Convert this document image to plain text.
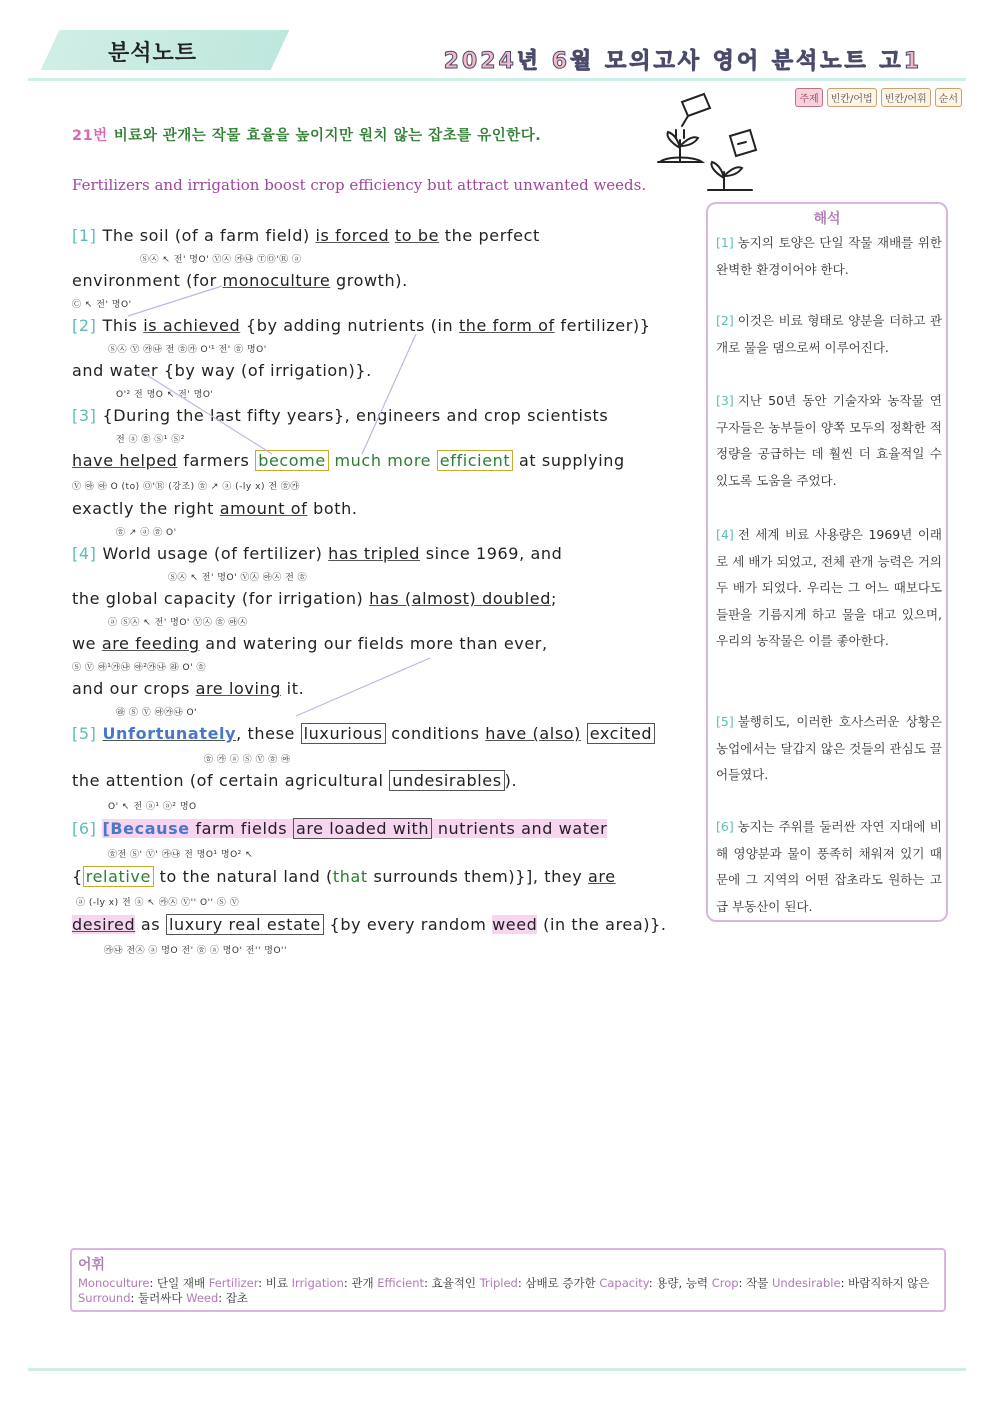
분석노트	2024년 6월 모의고사 영어 분석노트 고1
주제	빈칸/어법	빈칸/어휘	순서
21번 비료와 관개는 작물 효율을 높이지만 원치 않는 잡초를 유인한다.
Fertilizers and irrigation boost crop efficiency but attract unwanted weeds.
[1] The soil (of a farm field) is forced to be the perfect
Ⓢ㉦ ↖ 전' 명O' Ⓥ㉦ ㉮㉯ ⓉⓄ'Ⓡ ⓐ
environment (for monoculture growth).
Ⓒ ↖ 전' 명O'
[2] This is achieved {by adding nutrients (in the form of fertilizer)}
Ⓢ㉦ Ⓥ ㉮㉯ 전 ㉭㉮ O'¹ 전' ㉭ 명O'
and water {by way (of irrigation)}.
O'² 전 명O ↖ 전' 명O'
[3] {During the last fifty years}, engineers and crop scientists
전 ⓐ ㉭ Ⓢ¹ Ⓢ²
have helped farmers become much more efficient at supplying
Ⓥ ㉵ ㉵ O (to) Ⓞ'Ⓡ (강조) ㉭ ↗ ⓐ (-ly x) 전 ㉭㉮
exactly the right amount of both.
㉭ ↗ ⓐ ㉭ O'
[4] World usage (of fertilizer) has tripled since 1969, and
Ⓢ㉦ ↖ 전' 명O' Ⓥ㉦ ㉵㉦ 전 ㉭
the global capacity (for irrigation) has (almost) doubled;
ⓐ Ⓢ㉦ ↖ 전' 명O' Ⓥ㉦ ㉭ ㉵㉦
we are feeding and watering our fields more than ever,
Ⓢ Ⓥ ㉵¹㉮㉯ ㉵²㉮㉯ ㉱ O' ㉭
and our crops are loving it.
㉱ Ⓢ Ⓥ ㉵㉮㉯ O'
[5] Unfortunately, these luxurious conditions have (also) excited
㉭ ㉮ ⓐ Ⓢ Ⓥ ㉭ ㉵
the attention (of certain agricultural undesirables ).
O' ↖ 전 ⓐ¹ ⓐ² 명O
[6] [Because farm fields are loaded with nutrients and water
㉭전 Ⓢ' Ⓥ' ㉮㉯ 전 명O¹ 명O² ↖
{ relative to the natural land (that surrounds them)}], they are
ⓐ (-ly x) 전 ⓐ ↖ ㉸㉦ Ⓥ'' O'' Ⓢ Ⓥ
desired as luxury real estate {by every random weed (in the area)}.
㉮㉯ 전㉦ ⓐ 명O 전' ㉭ ⓐ 명O' 전'' 명O''
해석
[1] 농지의 토양은 단일 작물 재배를 위한 완벽한 환경이어야 한다.
[2] 이것은 비료 형태로 양분을 더하고 관개로 물을 댐으로써 이루어진다.
[3] 지난 50년 동안 기술자와 농작물 연구자들은 농부들이 양쪽 모두의 정확한 적정량을 공급하는 데 훨씬 더 효율적일 수 있도록 도움을 주었다.
[4] 전 세계 비료 사용량은 1969년 이래로 세 배가 되었고, 전체 관개 능력은 거의 두 배가 되었다. 우리는 그 어느 때보다도 들판을 기름지게 하고 물을 대고 있으며, 우리의 농작물은 이를 좋아한다.
[5] 불행히도, 이러한 호사스러운 상황은 농업에서는 달갑지 않은 것들의 관심도 끌어들였다.
[6] 농지는 주위를 둘러싼 자연 지대에 비해 영양분과 물이 풍족히 채워져 있기 때문에 그 지역의 어떤 잡초라도 원하는 고급 부동산이 된다.
어휘
Monoculture: 단일 재배 Fertilizer: 비료 Irrigation: 관개 Efficient: 효율적인 Tripled: 삼배로 증가한 Capacity: 용량, 능력 Crop: 작물 Undesirable: 바람직하지 않은 Surround: 둘러싸다 Weed: 잡초
